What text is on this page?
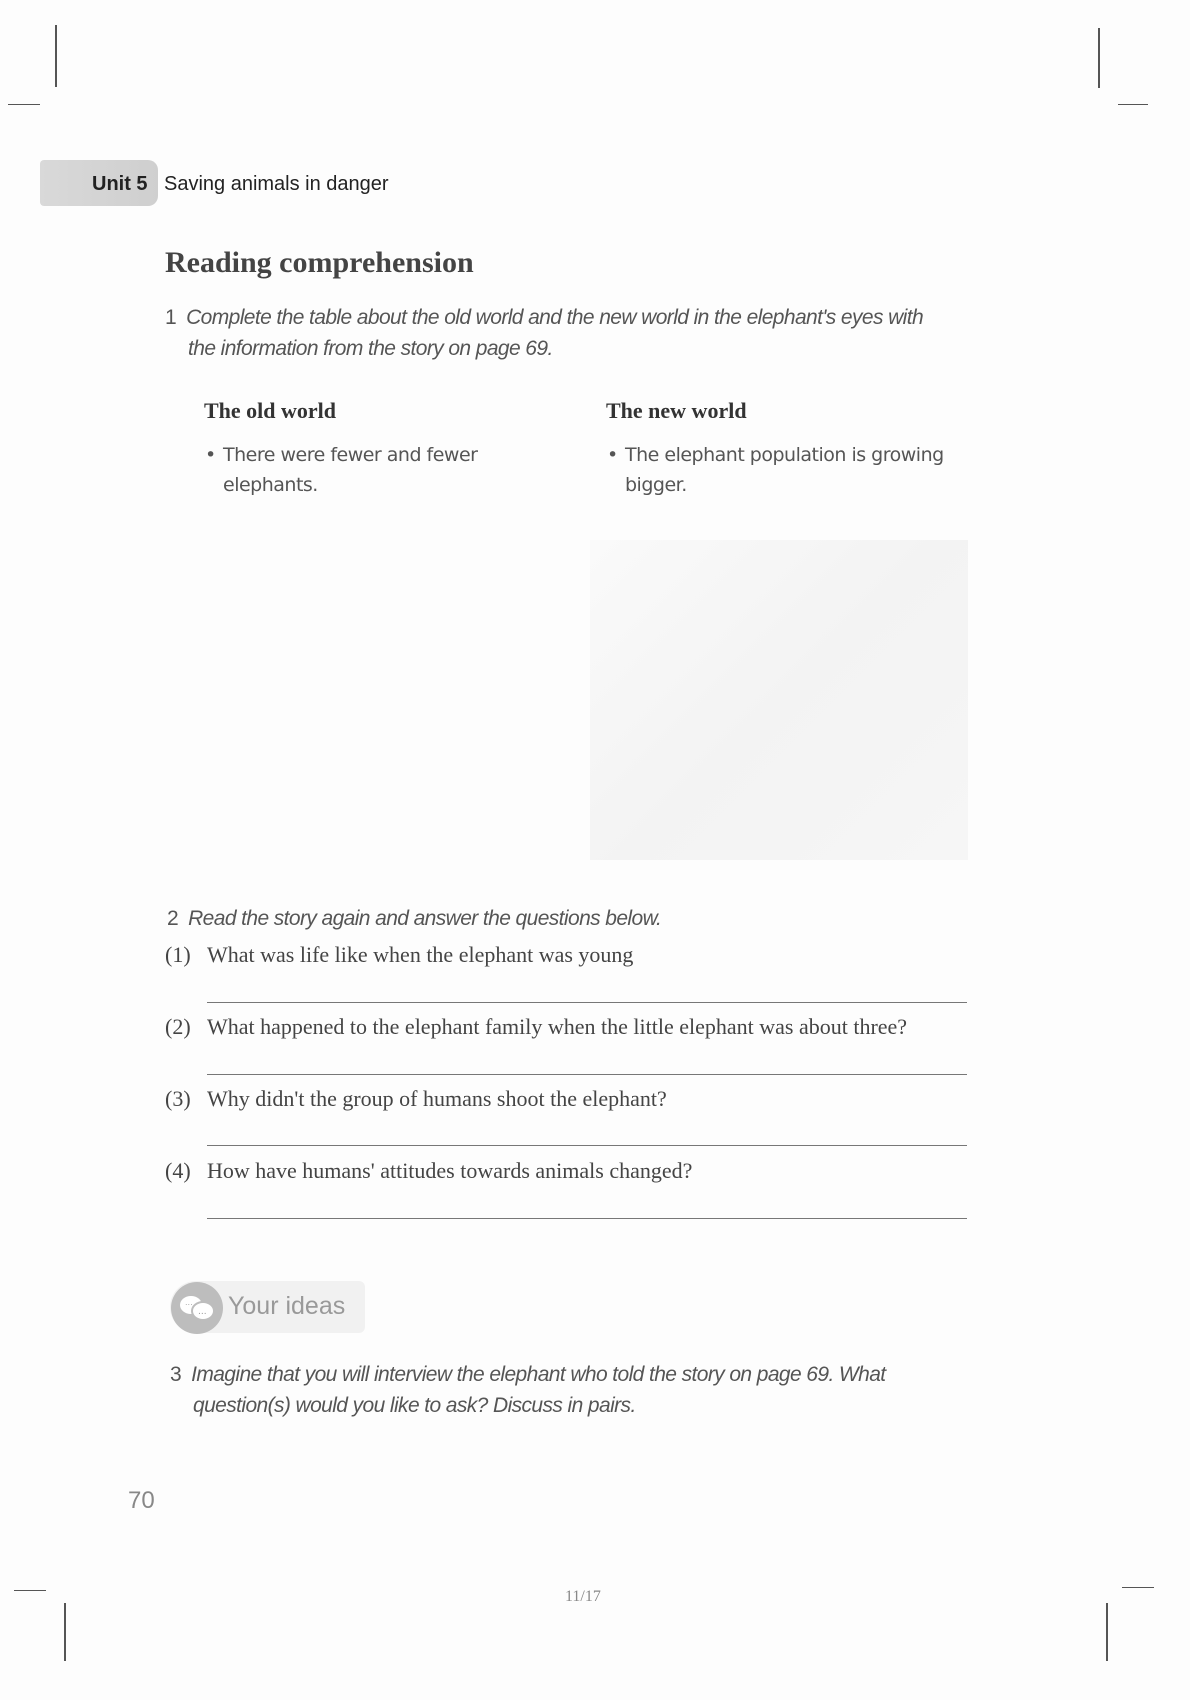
Unit 5 Saving animals in danger
Reading comprehension
1 Complete the table about the old world and the new world in the elephant's eyes with
the information from the story on page 69.
The old world	The new world
• There were fewer and fewer
elephants.
• The elephant population is growing
bigger.
2 Read the story again and answer the questions below.
(1) What was life like when the elephant was young
(2) What happened to the elephant family when the little elephant was about three?
(3) Why didn't the group of humans shoot the elephant?
(4) How have humans' attitudes towards animals changed?
...
... Your ideas
3 Imagine that you will interview the elephant who told the story on page 69. What
question(s) would you like to ask? Discuss in pairs.
70
11/17
